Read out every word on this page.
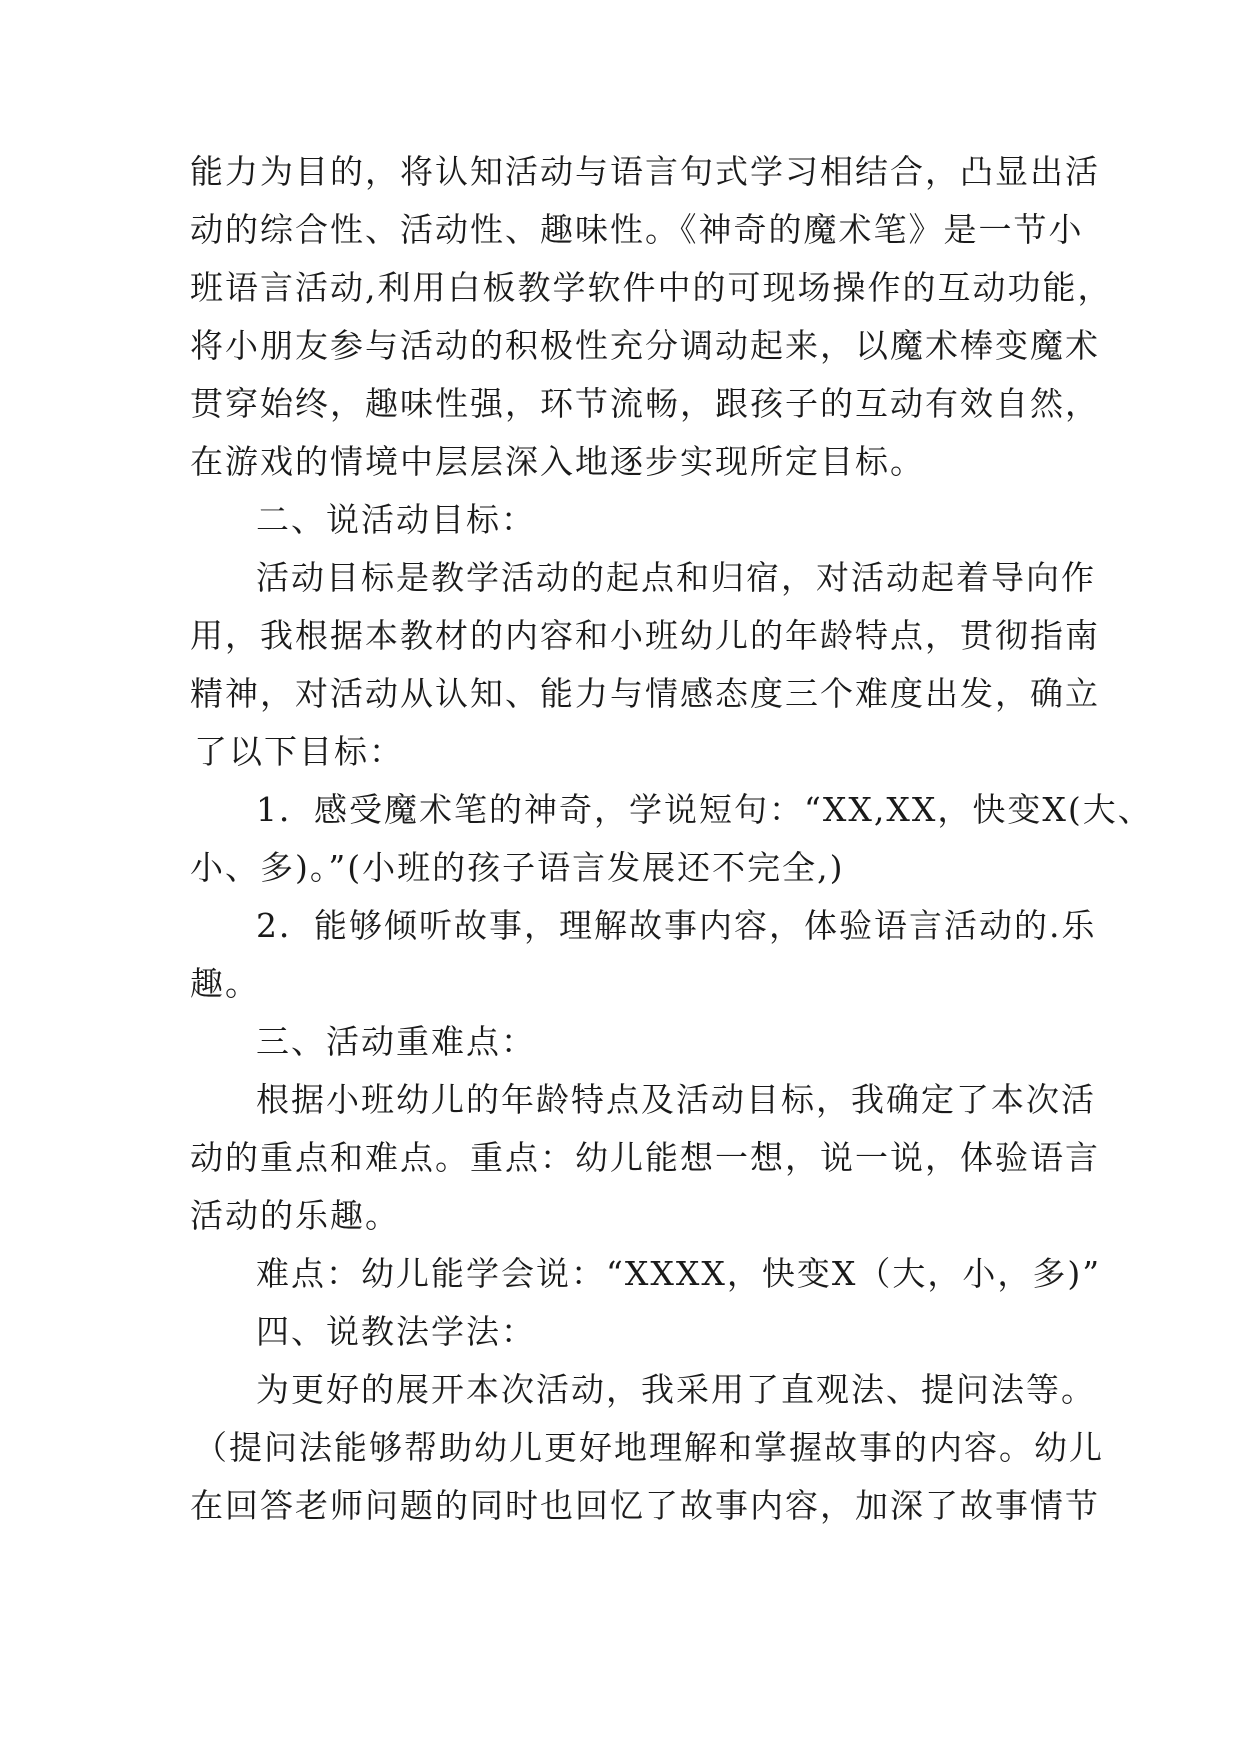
能力为目的，将认知活动与语言句式学习相结合，凸显出活
动的综合性、活动性、趣味性。《神奇的魔术笔》是一节小
班语言活动,利用白板教学软件中的可现场操作的互动功能，
将小朋友参与活动的积极性充分调动起来，以魔术棒变魔术
贯穿始终，趣味性强，环节流畅，跟孩子的互动有效自然，
在游戏的情境中层层深入地逐步实现所定目标。
二、说活动目标：
活动目标是教学活动的起点和归宿，对活动起着导向作
用，我根据本教材的内容和小班幼儿的年龄特点，贯彻指南
精神，对活动从认知、能力与情感态度三个难度出发，确立
了以下目标：
1．感受魔术笔的神奇，学说短句：“XX,XX，快变X(大、
小、多)。”(小班的孩子语言发展还不完全,)
2．能够倾听故事，理解故事内容，体验语言活动的.乐
趣。
三、活动重难点：
根据小班幼儿的年龄特点及活动目标，我确定了本次活
动的重点和难点。重点：幼儿能想一想，说一说，体验语言
活动的乐趣。
难点：幼儿能学会说：“XXXX，快变X（大，小，多)”
四、说教法学法：
为更好的展开本次活动，我采用了直观法、提问法等。
（提问法能够帮助幼儿更好地理解和掌握故事的内容。幼儿
在回答老师问题的同时也回忆了故事内容，加深了故事情节
